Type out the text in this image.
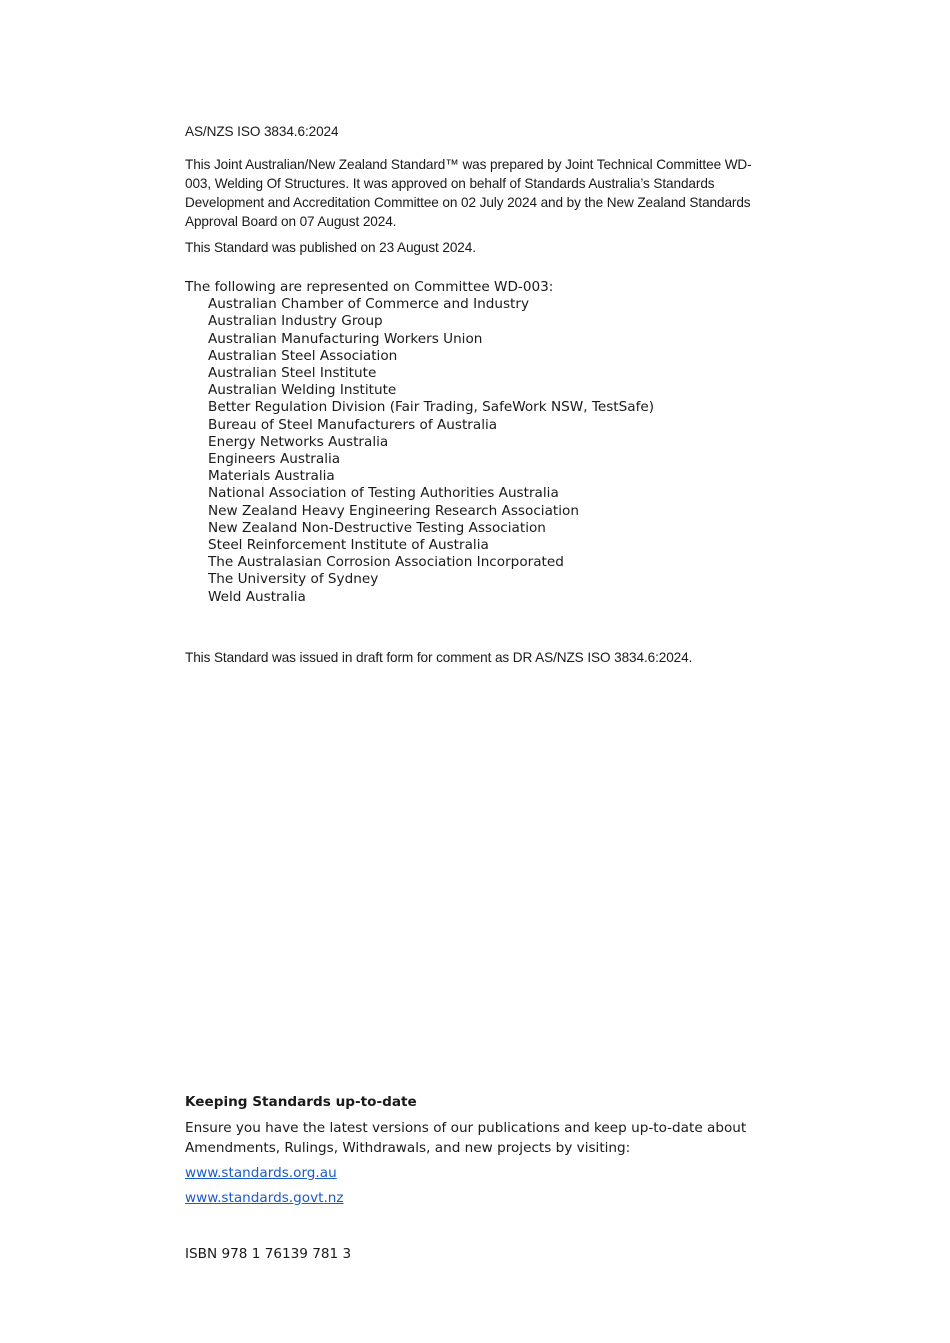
AS/NZS ISO 3834.6:2024

This Joint Australian/New Zealand Standard™ was prepared by Joint Technical Committee WD-003, Welding Of Structures. It was approved on behalf of Standards Australia’s Standards Development and Accreditation Committee on 02 July 2024 and by the New Zealand Standards Approval Board on 07 August 2024.

This Standard was published on 23 August 2024.
The following are represented on Committee WD-003:
Australian Chamber of Commerce and Industry
Australian Industry Group
Australian Manufacturing Workers Union
Australian Steel Association
Australian Steel Institute
Australian Welding Institute
Better Regulation Division (Fair Trading, SafeWork NSW, TestSafe)
Bureau of Steel Manufacturers of Australia
Energy Networks Australia
Engineers Australia
Materials Australia
National Association of Testing Authorities Australia
New Zealand Heavy Engineering Research Association
New Zealand Non-Destructive Testing Association
Steel Reinforcement Institute of Australia
The Australasian Corrosion Association Incorporated
The University of Sydney
Weld Australia
This Standard was issued in draft form for comment as DR AS/NZS ISO 3834.6:2024.
Keeping Standards up-to-date

Ensure you have the latest versions of our publications and keep up-to-date about Amendments, Rulings, Withdrawals, and new projects by visiting:

www.standards.org.au
www.standards.govt.nz
ISBN 978 1 76139 781 3
